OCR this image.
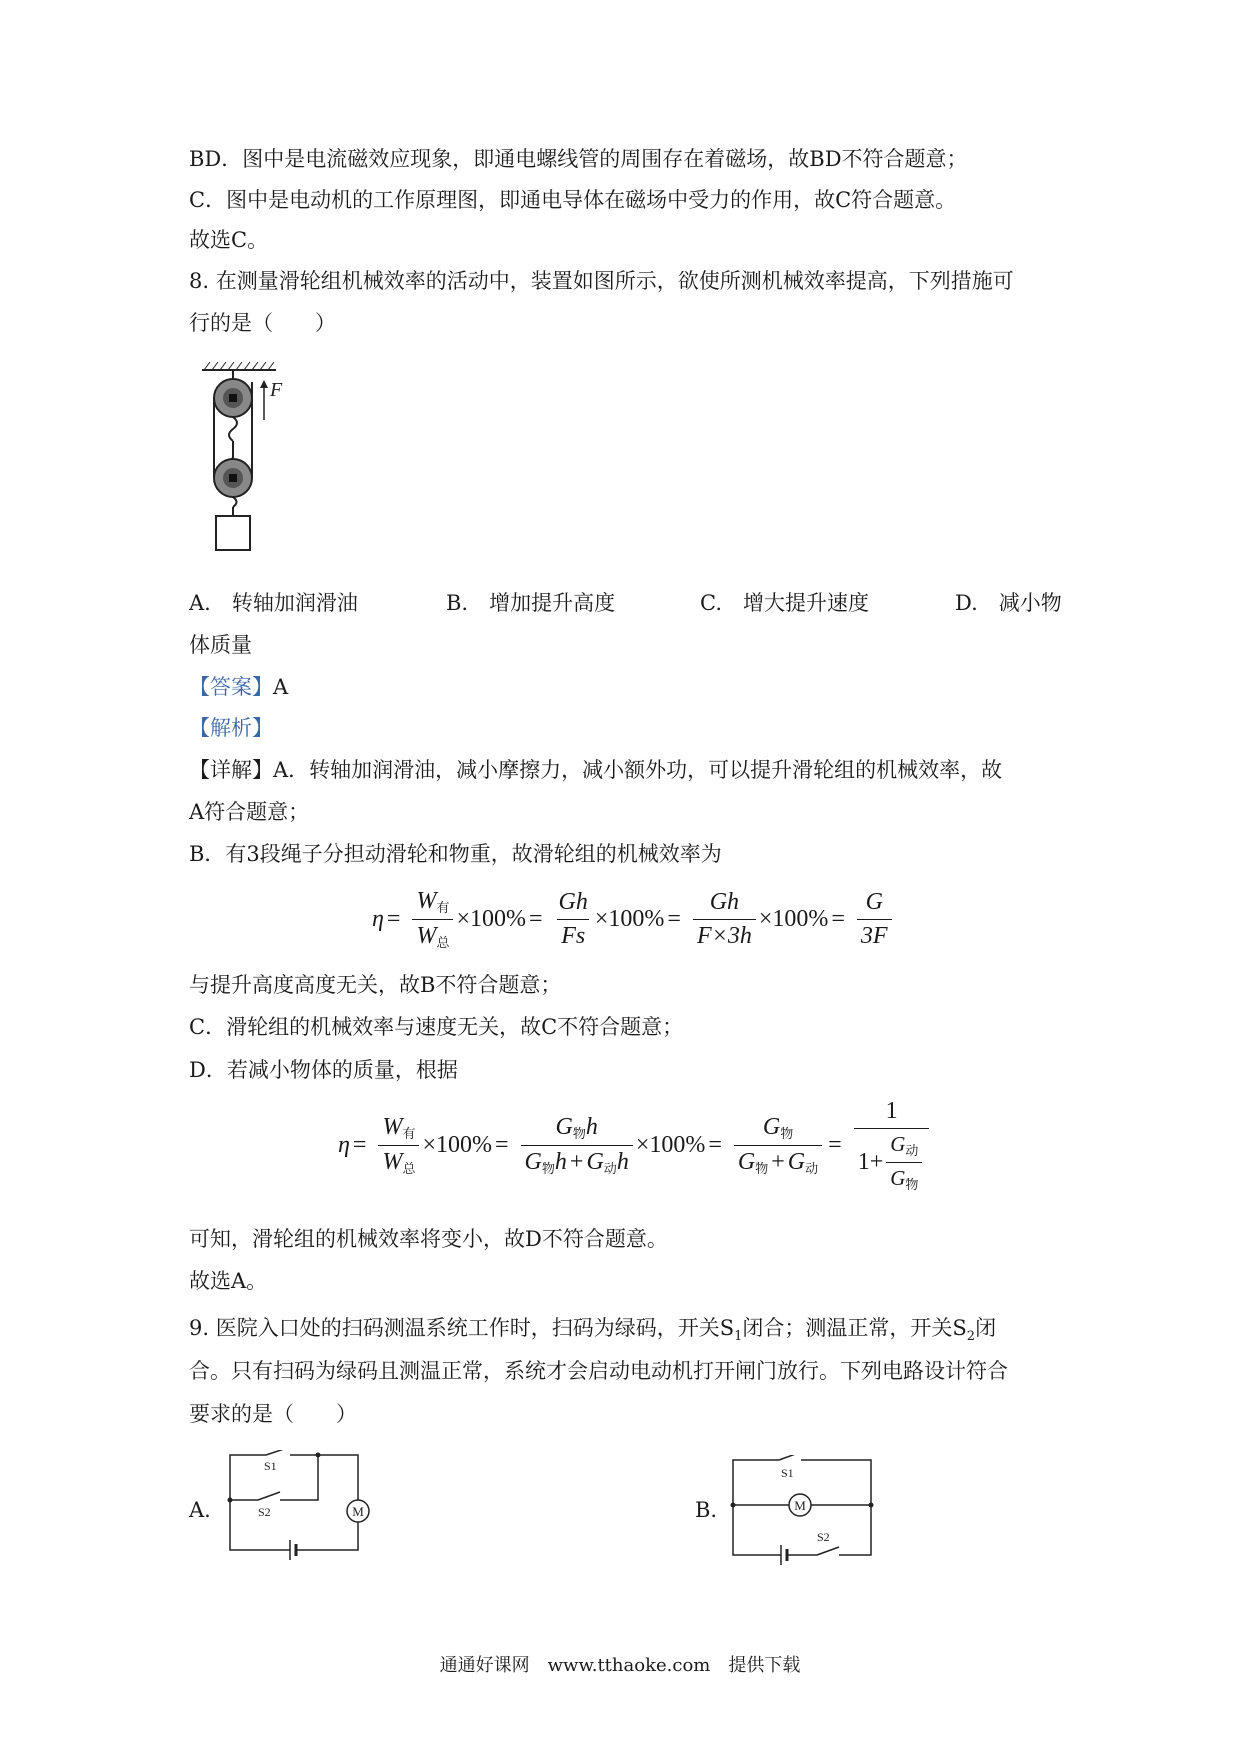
BD．图中是电流磁效应现象，即通电螺线管的周围存在着磁场，故BD不符合题意；
C．图中是电动机的工作原理图，即通电导体在磁场中受力的作用，故C符合题意。
故选C。
8. 在测量滑轮组机械效率的活动中，装置如图所示，欲使所测机械效率提高，下列措施可
行的是（　　）
F
A.　转轴加润滑油	B.　增加提升高度	C.　增大提升速度	D.　减小物
体质量
【答案】A
【解析】
【详解】A．转轴加润滑油，减小摩擦力，减小额外功，可以提升滑轮组的机械效率，故
A符合题意；
B．有3段绳子分担动滑轮和物重，故滑轮组的机械效率为
$\eta = \frac{W_有}{W_总} \times 100\% = \frac{Gh}{Fs} \times 100\% = \frac{Gh}{F\times 3h} \times 100\% = \frac{G}{3F}$
与提升高度高度无关，故B不符合题意；
C．滑轮组的机械效率与速度无关，故C不符合题意；
D．若减小物体的质量，根据
$\eta = \frac{W_有}{W_总} \times 100\% = \frac{G_物h}{G_物h + G_动h} \times 100\% = \frac{G_物}{G_物 + G_动} = \frac{1}{1+ \frac{G_动}{G_物}}$
可知，滑轮组的机械效率将变小，故D不符合题意。
故选A。
9. 医院入口处的扫码测温系统工作时，扫码为绿码，开关$S_1$闭合；测温正常，开关$S_2$闭
合。只有扫码为绿码且测温正常，系统才会启动电动机打开闸门放行。下列电路设计符合
要求的是（　　）
A.	M
S1
S2	B.	M
S1
S2
通通好课网　www.tthaoke.com　提供下载
